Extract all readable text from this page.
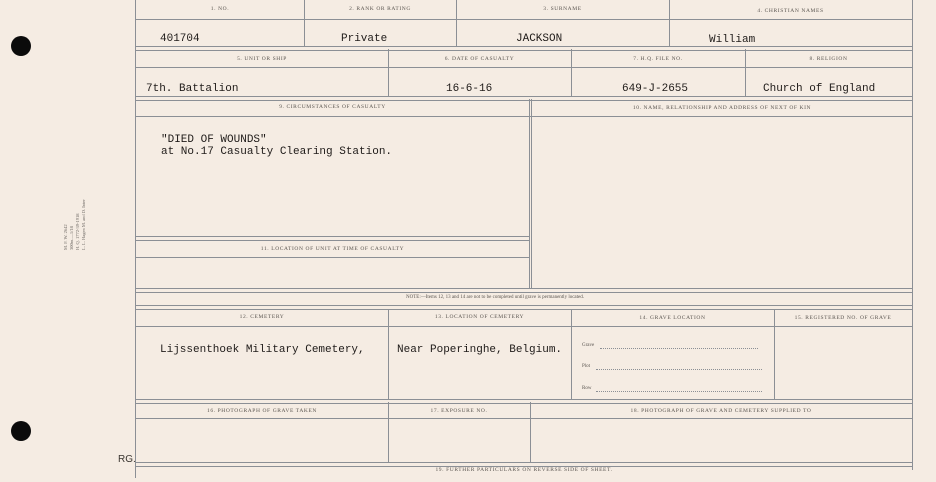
M. F. W. 2642 300m.—1/18 H. Q. 1772-39-1918 L. L. Hagen M. and D. Inter
1. NO.	2. RANK OR RATING	3. SURNAME	4. CHRISTIAN NAMES
401704	Private	JACKSON	William
5. UNIT OR SHIP	6. DATE OF CASUALTY	7. H.Q. FILE NO.	8. RELIGION
7th. Battalion	16-6-16	649-J-2655	Church of England
9. CIRCUMSTANCES OF CASUALTY	10. NAME, RELATIONSHIP AND ADDRESS OF NEXT OF KIN
"DIED OF WOUNDS"
at No.17 Casualty Clearing Station.
11. LOCATION OF UNIT AT TIME OF CASUALTY
NOTE:—Items 12, 13 and 14 are not to be completed until grave is permanently located.
12. CEMETERY	13. LOCATION OF CEMETERY	14. GRAVE LOCATION	15. REGISTERED NO. OF GRAVE
Lijssenthoek Military Cemetery,	Near Poperinghe, Belgium.	Grave
Plot
Row
16. PHOTOGRAPH OF GRAVE TAKEN	17. EXPOSURE NO.	18. PHOTOGRAPH OF GRAVE AND CEMETERY SUPPLIED TO
19. FURTHER PARTICULARS ON REVERSE SIDE OF SHEET.
RG.
